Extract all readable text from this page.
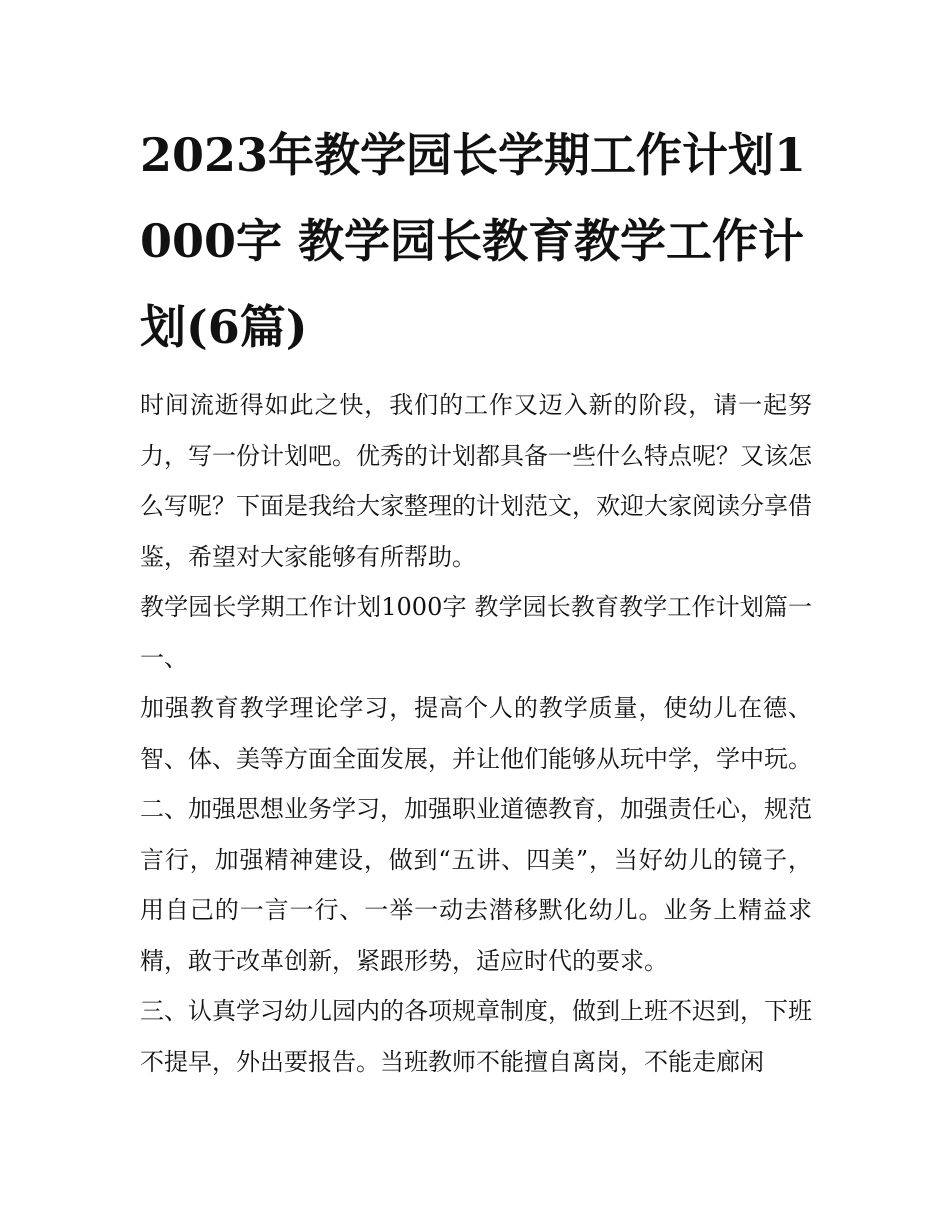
2023年教学园长学期工作计划1000字 教学园长教育教学工作计划(6篇)

时间流逝得如此之快，我们的工作又迈入新的阶段，请一起努力，写一份计划吧。优秀的计划都具备一些什么特点呢？又该怎么写呢？下面是我给大家整理的计划范文，欢迎大家阅读分享借鉴，希望对大家能够有所帮助。

教学园长学期工作计划1000字 教学园长教育教学工作计划篇一 一、

加强教育教学理论学习，提高个人的教学质量，使幼儿在德、智、体、美等方面全面发展，并让他们能够从玩中学，学中玩。

二、加强思想业务学习，加强职业道德教育，加强责任心，规范言行，加强精神建设，做到“五讲、四美”，当好幼儿的镜子，用自己的一言一行、一举一动去潜移默化幼儿。业务上精益求精，敢于改革创新，紧跟形势，适应时代的要求。

三、认真学习幼儿园内的各项规章制度，做到上班不迟到，下班不提早，外出要报告。当班教师不能擅自离岗，不能走廊闲
